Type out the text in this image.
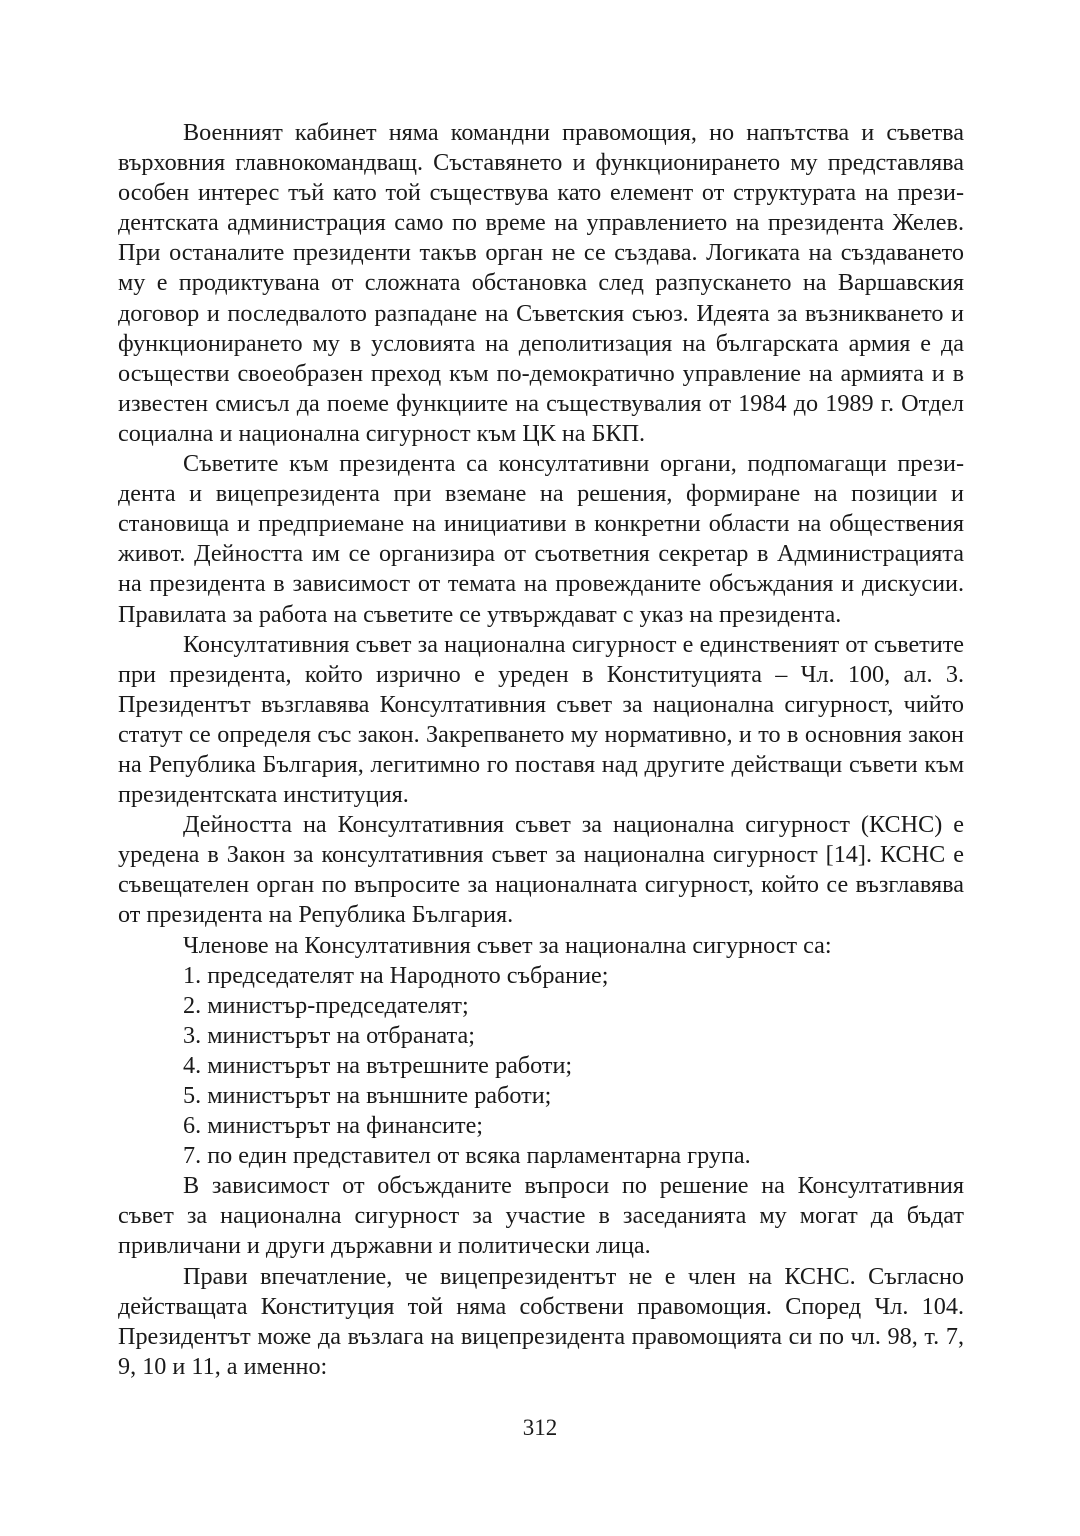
Военният кабинет няма командни правомощия, но напътства и съветва върховния главнокомандващ. Съставянето и функционирането му представлява особен интерес тъй като той съществува като елемент от структурата на президентската администрация само по време на управлението на президента Желев. При останалите президенти такъв орган не се създава. Логиката на създаването му е продиктувана от сложната обстановка след разпускането на Варшавския договор и последвалото разпадане на Съветския съюз. Идеята за възникването и функционирането му в условията на деполитизация на българската армия е да осъществи своеобразен преход към по-демократично управление на армията и в известен смисъл да поеме функциите на съществувалия от 1984 до 1989 г. Отдел социална и национална сигурност към ЦК на БКП.

Съветите към президента са консултативни органи, подпомагащи президента и вицепрезидента при вземане на решения, формиране на позиции и становища и предприемане на инициативи в конкретни области на обществения живот. Дейността им се организира от съответния секретар в Администрацията на президента в зависимост от темата на провежданите обсъждания и дискусии. Правилата за работа на съветите се утвърждават с указ на президента.

Консултативния съвет за национална сигурност е единственият от съветите при президента, който изрично е уреден в Конституцията – Чл. 100, ал. 3. Президентът възглавява Консултативния съвет за национална сигурност, чийто статут се определя със закон. Закрепването му нормативно, и то в основния закон на Република България, легитимно го поставя над другите действащи съвети към президентската институция.

Дейността на Консултативния съвет за национална сигурност (КСНС) е уредена в Закон за консултативния съвет за национална сигурност [14]. КСНС е съвещателен орган по въпросите за националната сигурност, който се възглавява от президента на Република България.

Членове на Консултативния съвет за национална сигурност са:

1. председателят на Народното събрание;

2. министър-председателят;

3. министърът на отбраната;

4. министърът на вътрешните работи;

5. министърът на външните работи;

6. министърът на финансите;

7. по един представител от всяка парламентарна група.

В зависимост от обсъжданите въпроси по решение на Консултативния съвет за национална сигурност за участие в заседанията му могат да бъдат привличани и други държавни и политически лица.

Прави впечатление, че вицепрезидентът не е член на КСНС. Съгласно действащата Конституция той няма собствени правомощия. Според Чл. 104. Президентът може да възлага на вицепрезидента правомощията си по чл. 98, т. 7, 9, 10 и 11, а именно:

312
